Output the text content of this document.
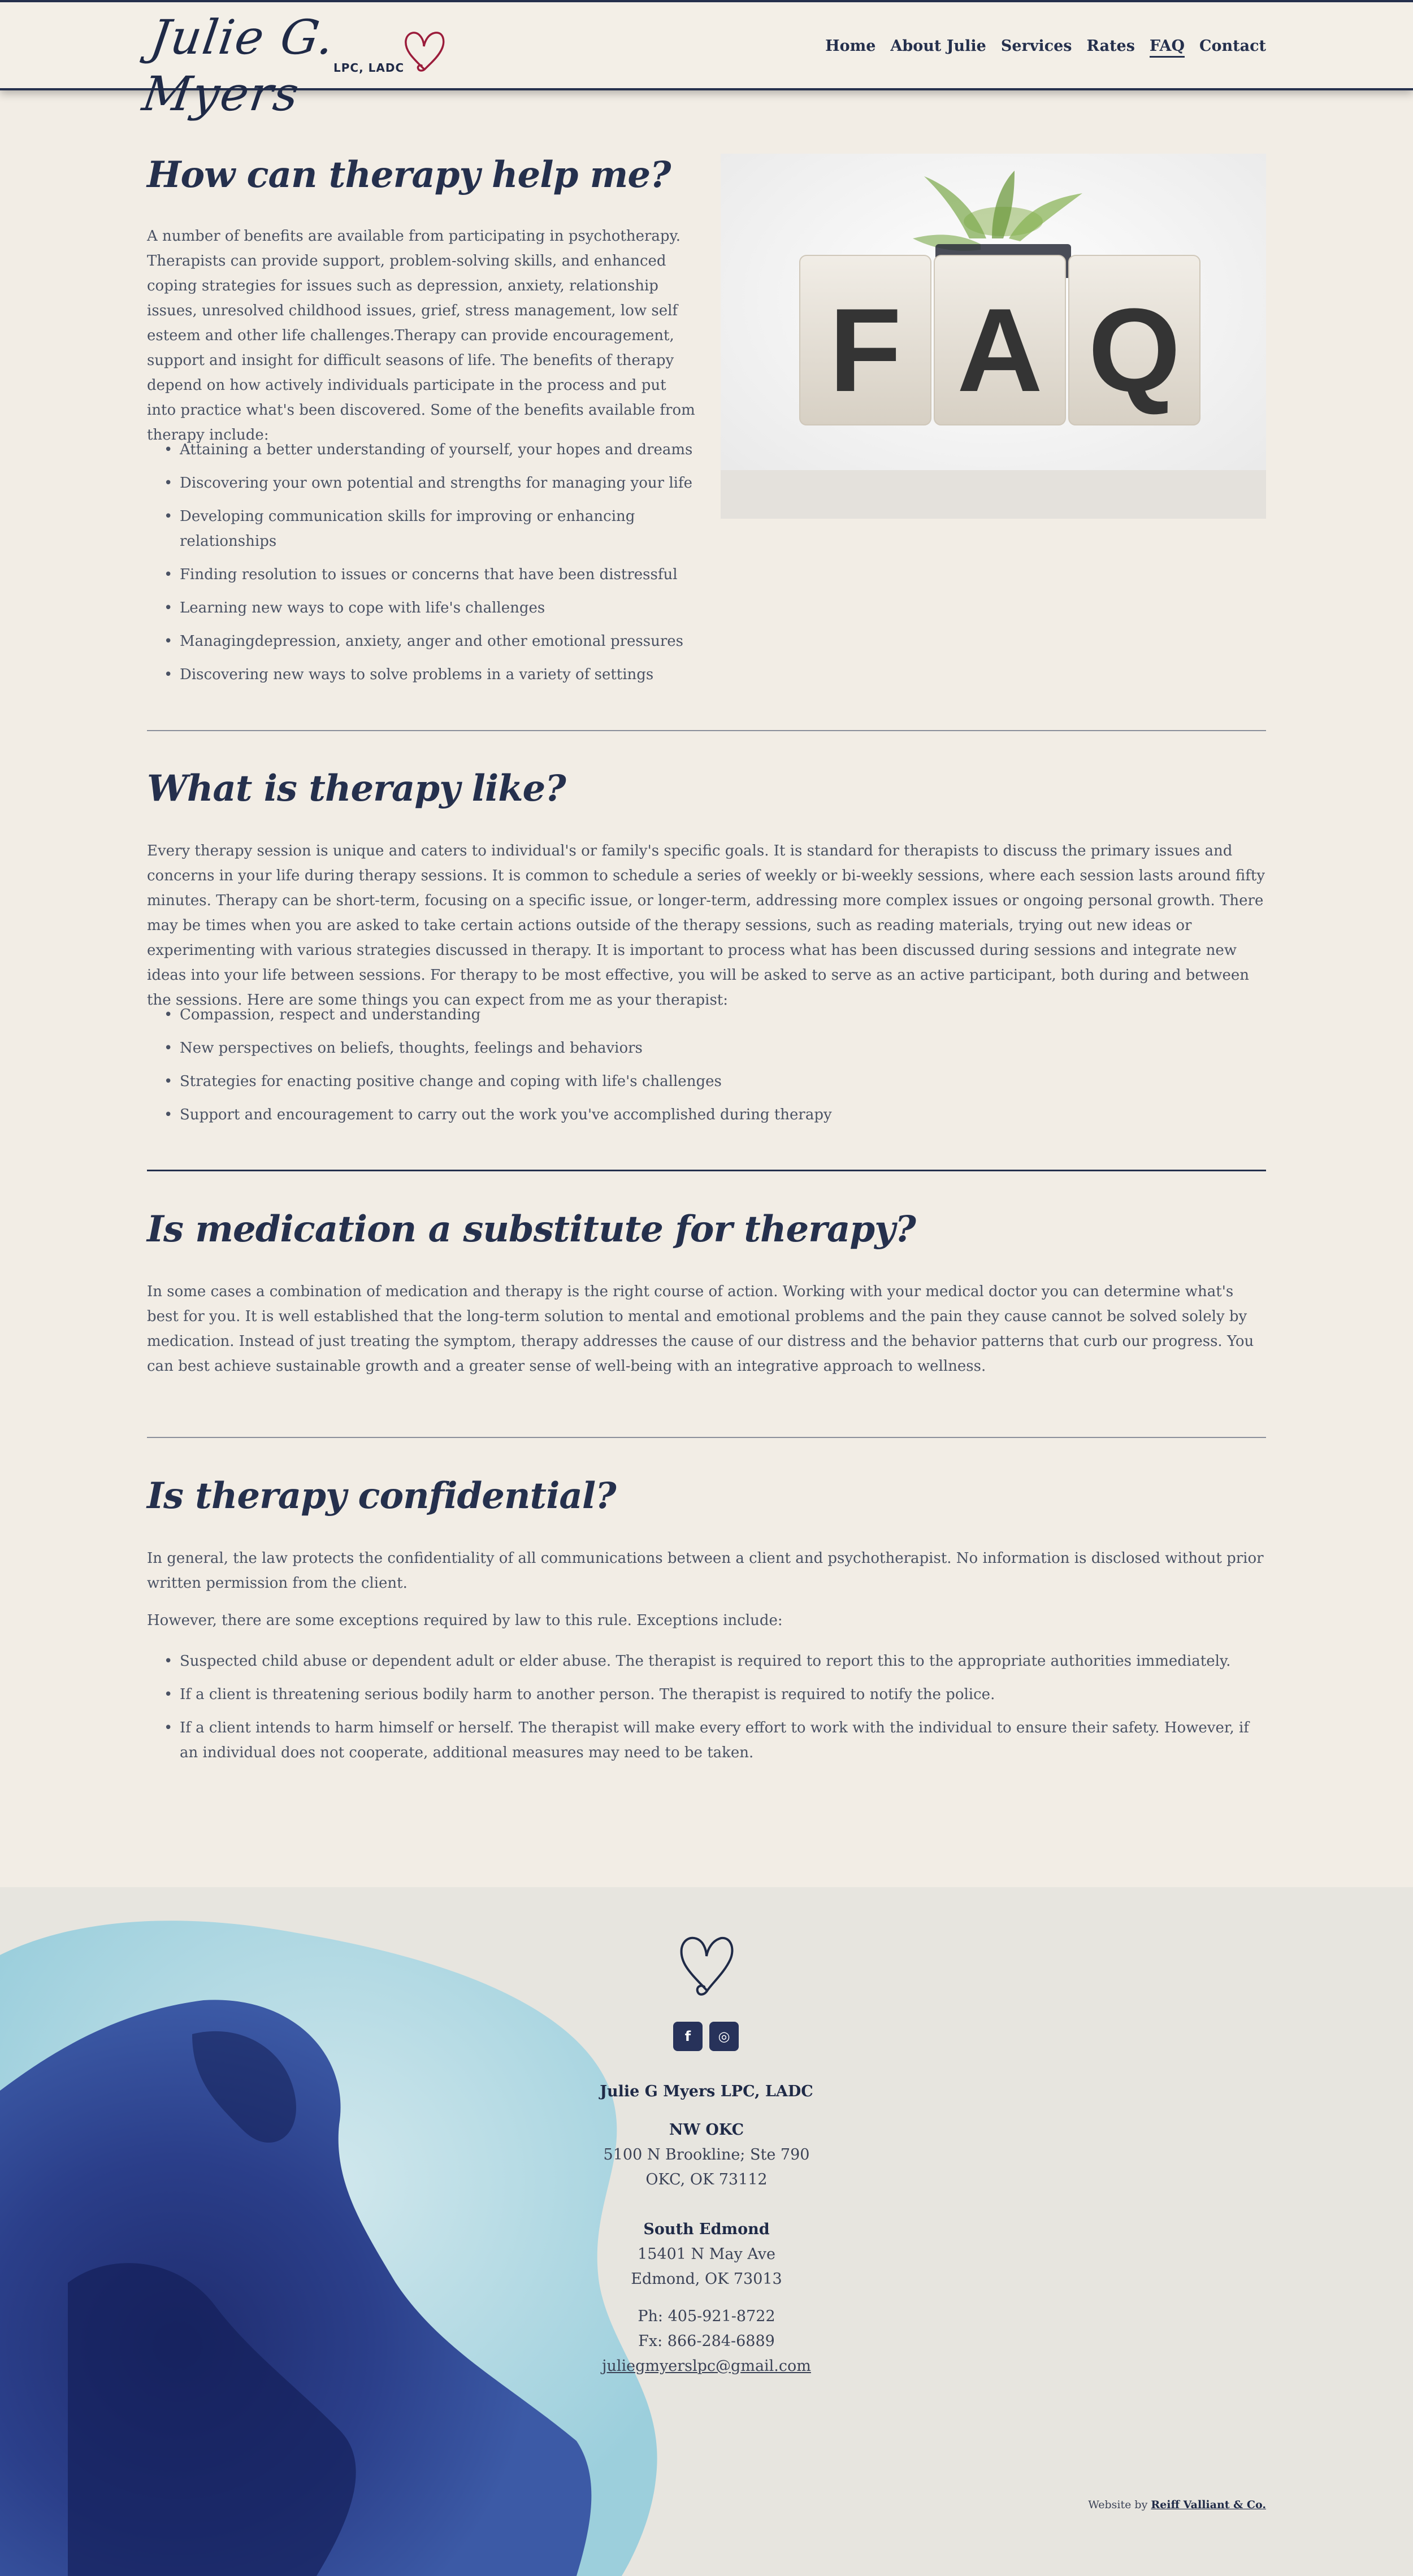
Julie G. Myers	LPC, LADC
Home About Julie Services Rates FAQ Contact
How can therapy help me?

A number of benefits are available from participating in psychotherapy. Therapists can provide support, problem-solving skills, and enhanced coping strategies for issues such as depression, anxiety, relationship issues, unresolved childhood issues, grief, stress management, low self esteem and other life challenges.Therapy can provide encouragement, support and insight for difficult seasons of life. The benefits of therapy depend on how actively individuals participate in the process and put into practice what's been discovered. Some of the benefits available from therapy include:

• Attaining a better understanding of yourself, your hopes and dreams
• Discovering your own potential and strengths for managing your life
• Developing communication skills for improving or enhancing relationships
• Finding resolution to issues or concerns that have been distressful
• Learning new ways to cope with life's challenges
• Managingdepression, anxiety, anger and other emotional pressures
• Discovering new ways to solve problems in a variety of settings
F A Q
What is therapy like?

Every therapy session is unique and caters to individual's or family's specific goals. It is standard for therapists to discuss the primary issues and concerns in your life during therapy sessions. It is common to schedule a series of weekly or bi-weekly sessions, where each session lasts around fifty minutes. Therapy can be short-term, focusing on a specific issue, or longer-term, addressing more complex issues or ongoing personal growth. There may be times when you are asked to take certain actions outside of the therapy sessions, such as reading materials, trying out new ideas or experimenting with various strategies discussed in therapy. It is important to process what has been discussed during sessions and integrate new ideas into your life between sessions. For therapy to be most effective, you will be asked to serve as an active participant, both during and between the sessions. Here are some things you can expect from me as your therapist:

• Compassion, respect and understanding
• New perspectives on beliefs, thoughts, feelings and behaviors
• Strategies for enacting positive change and coping with life's challenges
• Support and encouragement to carry out the work you've accomplished during therapy
Is medication a substitute for therapy?

In some cases a combination of medication and therapy is the right course of action. Working with your medical doctor you can determine what's best for you. It is well established that the long-term solution to mental and emotional problems and the pain they cause cannot be solved solely by medication. Instead of just treating the symptom, therapy addresses the cause of our distress and the behavior patterns that curb our progress. You can best achieve sustainable growth and a greater sense of well-being with an integrative approach to wellness.

Is therapy confidential?

In general, the law protects the confidentiality of all communications between a client and psychotherapist. No information is disclosed without prior written permission from the client.

However, there are some exceptions required by law to this rule. Exceptions include:

• Suspected child abuse or dependent adult or elder abuse. The therapist is required to report this to the appropriate authorities immediately.
• If a client is threatening serious bodily harm to another person. The therapist is required to notify the police.
• If a client intends to harm himself or herself. The therapist will make every effort to work with the individual to ensure their safety. However, if an individual does not cooperate, additional measures may need to be taken.
f	◎
Julie G Myers LPC, LADC
NW OKC
5100 N Brookline; Ste 790
OKC, OK 73112
South Edmond
15401 N May Ave
Edmond, OK 73013
Ph: 405-921-8722
Fx: 866-284-6889
juliegmyerslpc@gmail.com
Website by Reiff Valliant & Co.
